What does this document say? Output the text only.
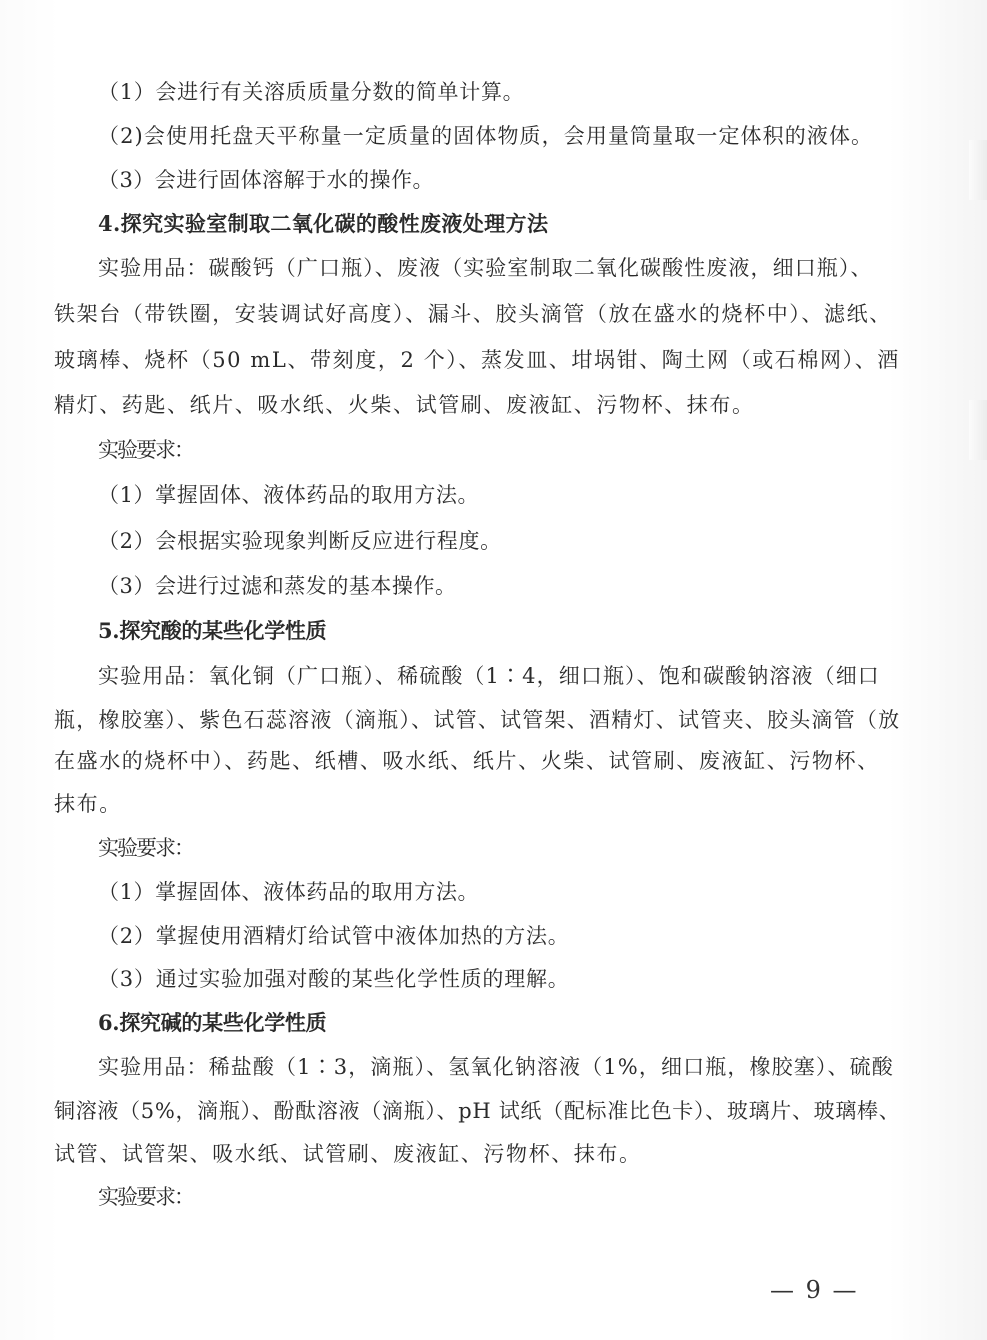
（1）会进行有关溶质质量分数的简单计算。
（2)会使用托盘天平称量一定质量的固体物质，会用量筒量取一定体积的液体。
（3）会进行固体溶解于水的操作。
4.探究实验室制取二氧化碳的酸性废液处理方法
实验用品：碳酸钙（广口瓶）、废液（实验室制取二氧化碳酸性废液，细口瓶）、
铁架台（带铁圈，安装调试好高度）、漏斗、胶头滴管（放在盛水的烧杯中）、滤纸、
玻璃棒、烧杯（50 mL、带刻度，2 个）、蒸发皿、坩埚钳、陶土网（或石棉网）、酒
精灯、药匙、纸片、吸水纸、火柴、试管刷、废液缸、污物杯、抹布。
实验要求：
（1）掌握固体、液体药品的取用方法。
（2）会根据实验现象判断反应进行程度。
（3）会进行过滤和蒸发的基本操作。
5.探究酸的某些化学性质
实验用品：氧化铜（广口瓶）、稀硫酸（1∶4，细口瓶）、饱和碳酸钠溶液（细口
瓶，橡胶塞）、紫色石蕊溶液（滴瓶）、试管、试管架、酒精灯、试管夹、胶头滴管（放
在盛水的烧杯中）、药匙、纸槽、吸水纸、纸片、火柴、试管刷、废液缸、污物杯、
抹布。
实验要求：
（1）掌握固体、液体药品的取用方法。
（2）掌握使用酒精灯给试管中液体加热的方法。
（3）通过实验加强对酸的某些化学性质的理解。
6.探究碱的某些化学性质
实验用品：稀盐酸（1∶3，滴瓶）、氢氧化钠溶液（1%，细口瓶，橡胶塞）、硫酸
铜溶液（5%，滴瓶）、酚酞溶液（滴瓶）、pH 试纸（配标准比色卡）、玻璃片、玻璃棒、
试管、试管架、吸水纸、试管刷、废液缸、污物杯、抹布。
实验要求：
— 9 —
